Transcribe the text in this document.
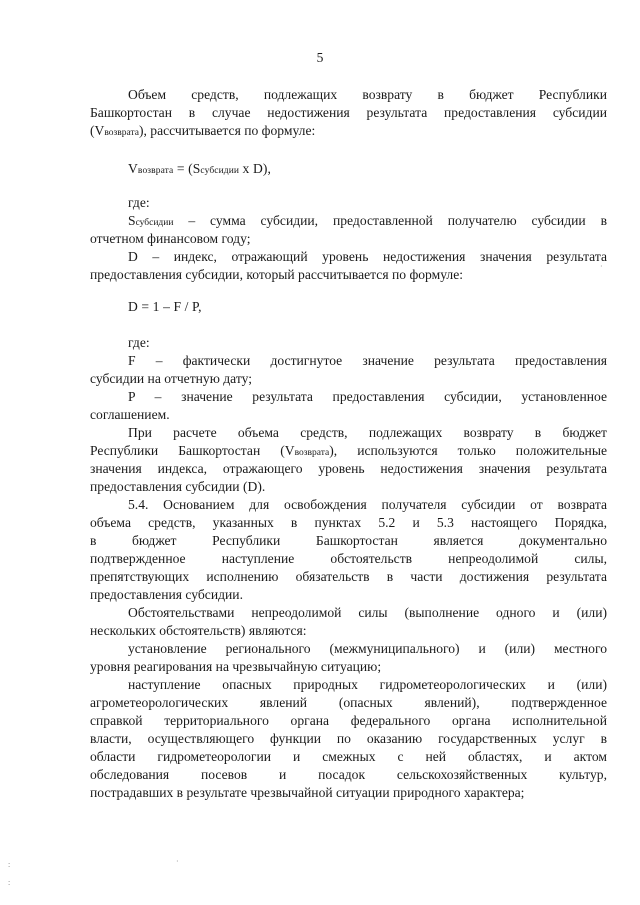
5

Объем средств, подлежащих возврату в бюджет Республики

Башкортостан в случае недостижения результата предоставления субсидии

(Vвозврата), рассчитывается по формуле:

Vвозврата = (Sсубсидии x D),

где:

Sсубсидии – сумма субсидии, предоставленной получателю субсидии в

отчетном финансовом году;

D – индекс, отражающий уровень недостижения значения результата

предоставления субсидии, который рассчитывается по формуле:

D = 1 – F / P,

где:

F – фактически достигнутое значение результата предоставления

субсидии на отчетную дату;

P – значение результата предоставления субсидии, установленное

соглашением.

При расчете объема средств, подлежащих возврату в бюджет

Республики Башкортостан (Vвозврата), используются только положительные

значения индекса, отражающего уровень недостижения значения результата

предоставления субсидии (D).

5.4. Основанием для освобождения получателя субсидии от возврата

объема средств, указанных в пунктах 5.2 и 5.3 настоящего Порядка,

в бюджет Республики Башкортостан является документально

подтвержденное наступление обстоятельств непреодолимой силы,

препятствующих исполнению обязательств в части достижения результата

предоставления субсидии.

Обстоятельствами непреодолимой силы (выполнение одного и (или)

нескольких обстоятельств) являются:

установление регионального (межмуниципального) и (или) местного

уровня реагирования на чрезвычайную ситуацию;

наступление опасных природных гидрометеорологических и (или)

агрометеорологических явлений (опасных явлений), подтвержденное

справкой территориального органа федерального органа исполнительной

власти, осуществляющего функции по оказанию государственных услуг в

области гидрометеорологии и смежных с ней областях, и актом

обследования посевов и посадок сельскохозяйственных культур,

пострадавших в результате чрезвычайной ситуации природного характера;

·
·
:
:
